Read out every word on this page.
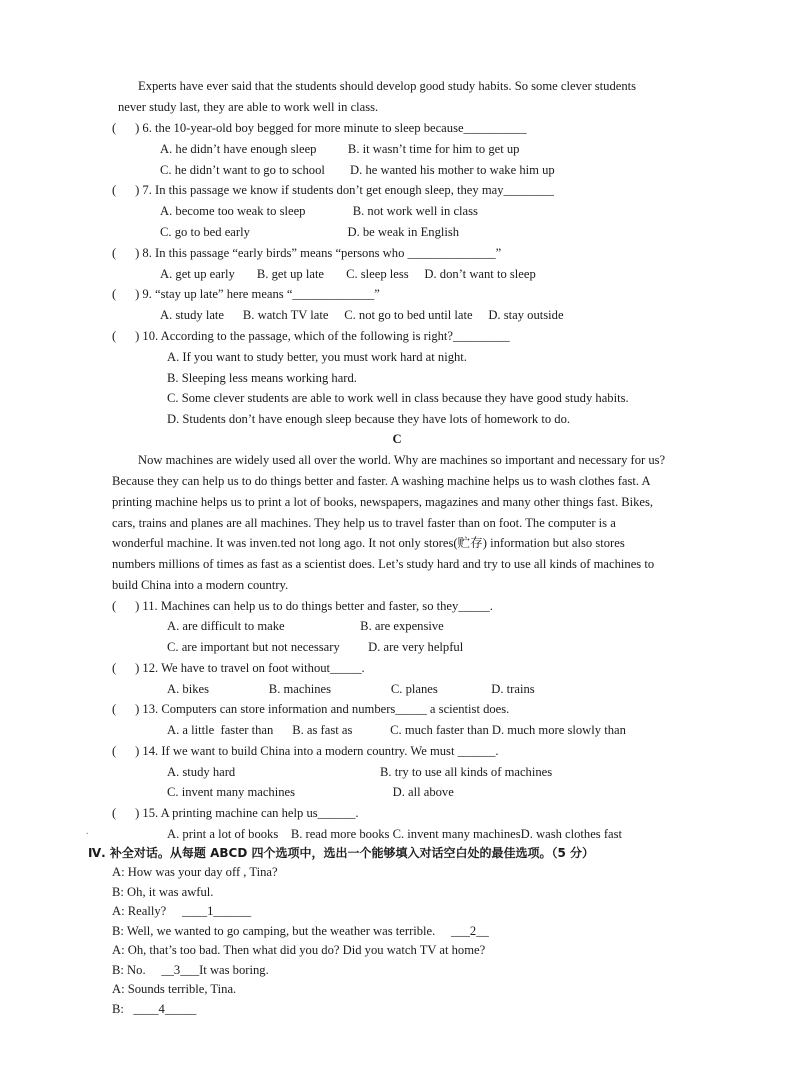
Experts have ever said that the students should develop good study habits. So some clever students
never study last, they are able to work well in class.
(      ) 6. the 10-year-old boy begged for more minute to sleep because__________
A. he didn’t have enough sleep          B. it wasn’t time for him to get up
C. he didn’t want to go to school        D. he wanted his mother to wake him up
(      ) 7. In this passage we know if students don’t get enough sleep, they may________
A. become too weak to sleep               B. not work well in class
C. go to bed early                               D. be weak in English
(      ) 8. In this passage “early birds” means “persons who ______________”
A. get up early       B. get up late       C. sleep less     D. don’t want to sleep
(      ) 9. “stay up late” here means “_____________”
A. study late      B. watch TV late     C. not go to bed until late     D. stay outside
(      ) 10. According to the passage, which of the following is right?_________
A. If you want to study better, you must work hard at night.
B. Sleeping less means working hard.
C. Some clever students are able to work well in class because they have good study habits.
D. Students don’t have enough sleep because they have lots of homework to do.
C
Now machines are widely used all over the world. Why are machines so important and necessary for us?
Because they can help us to do things better and faster. A washing machine helps us to wash clothes fast. A
printing machine helps us to print a lot of books, newspapers, magazines and many other things fast. Bikes,
cars, trains and planes are all machines. They help us to travel faster than on foot. The computer is a
wonderful machine. It was inven.ted not long ago. It not only stores(贮存) information but also stores
numbers millions of times as fast as a scientist does. Let’s study hard and try to use all kinds of machines to
build China into a modern country.
(      ) 11. Machines can help us to do things better and faster, so they_____.
A. are difficult to make                        B. are expensive
C. are important but not necessary         D. are very helpful
(      ) 12. We have to travel on foot without_____.
A. bikes                   B. machines                   C. planes                 D. trains
(      ) 13. Computers can store information and numbers_____ a scientist does.
A. a little  faster than      B. as fast as            C. much faster than D. much more slowly than
(      ) 14. If we want to build China into a modern country. We must ______.
A. study hard                                              B. try to use all kinds of machines
C. invent many machines                               D. all above
(      ) 15. A printing machine can help us______.
A. print a lot of books    B. read more books C. invent many machinesD. wash clothes fast
.
Ⅳ. 补全对话。从每题 ABCD 四个选项中，选出一个能够填入对话空白处的最佳选项。（5 分）
A: How was your day off , Tina?
B: Oh, it was awful.
A: Really?     ____1______
B: Well, we wanted to go camping, but the weather was terrible.     ___2__
A: Oh, that’s too bad. Then what did you do? Did you watch TV at home?
B: No.     __3___It was boring.
A: Sounds terrible, Tina.
B:   ____4_____
